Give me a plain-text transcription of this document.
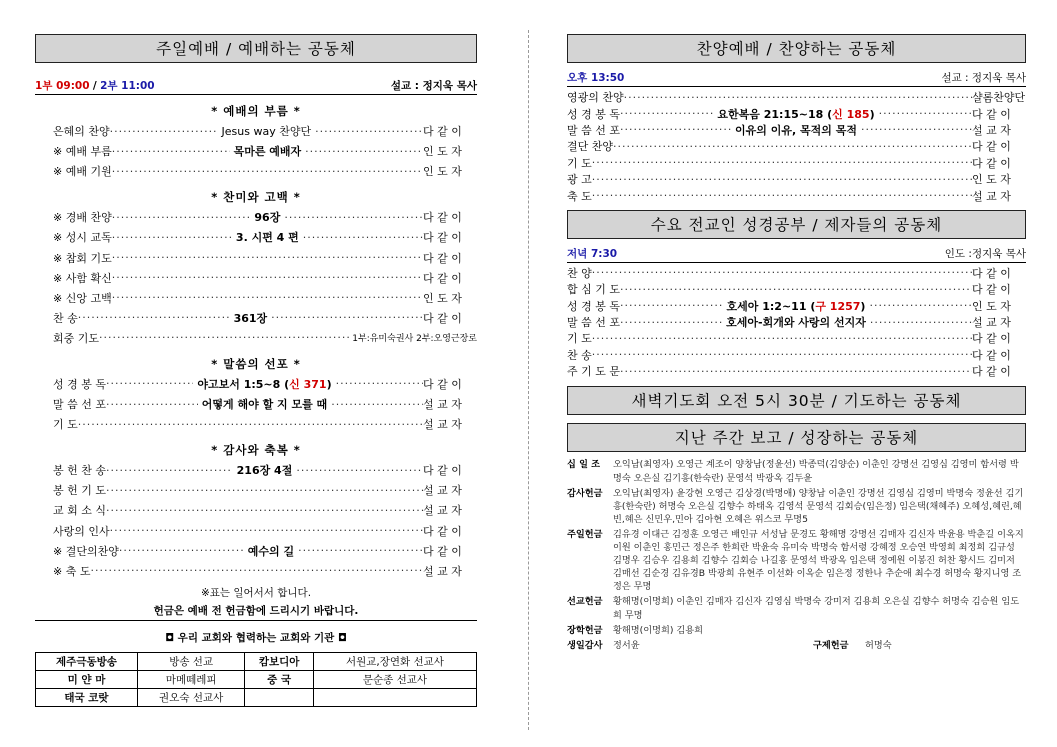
주일예배 / 예배하는 공동체
1부 09:00 / 2부 11:00	설교 : 정지욱 목사
* 예배의 부름 *
은혜의 찬양 ·····	Jesus way 찬양단 ·····	다 같 이
※ 예배 부름 ·····	목마른 예배자 ·····	인 도 자
※ 예배 기원 ·····	인 도 자
* 찬미와 고백 *
※ 경배 찬양 ·····	96장 ·····	다 같 이
※ 성시 교독 ·····	3. 시편 4 편 ·····	다 같 이
※ 참회 기도 ·····	다 같 이
※ 사함 확신 ·····	다 같 이
※ 신앙 고백 ·····	인 도 자
찬 송 ·····	361장 ·····	다 같 이
회중 기도 ·····	1부:유미숙권사 2부:오영근장로
* 말씀의 선포 *
성 경 봉 독 ·····	야고보서 1:5~8 (신 371) ·····	다 같 이
말 씀 선 포 ·····	어떻게 해야 할 지 모를 때 ·····	설 교 자
기 도 ·····	설 교 자
* 감사와 축복 *
봉 헌 찬 송 ·····	216장 4절 ·····	다 같 이
봉 헌 기 도 ·····	설 교 자
교 회 소 식 ·····	설 교 자
사랑의 인사 ·····	다 같 이
※ 결단의찬양 ·····	예수의 길 ·····	다 같 이
※ 축 도 ·····	설 교 자
※표는 일어서서 합니다.
헌금은 예배 전 헌금함에 드리시기 바랍니다.
◘ 우리 교회와 협력하는 교회와 기관 ◘
제주극동방송	방송 선교	캄보디아	서원교,장연화 선교사
미 얀 마	마메떼레피	중 국	문순종 선교사
태국 코랏	권오숙 선교사		
찬양예배 / 찬양하는 공동체
오후 13:50	설교 : 정지욱 목사
영광의 찬양 ·····	샬롬찬양단
성 경 봉 독 ·····	요한복음 21:15~18 (신 185) ·····	다 같 이
말 씀 선 포 ·····	이유의 이유, 목적의 목적 ·····	설 교 자
결단 찬양 ·····	다 같 이
기 도 ·····	다 같 이
광 고 ·····	인 도 자
축 도 ·····	설 교 자
수요 전교인 성경공부 / 제자들의 공동체
저녁 7:30	인도 :정지욱 목사
찬 양 ·····	다 같 이
합 심 기 도 ·····	다 같 이
성 경 봉 독 ·····	호세아 1:2~11 (구 1257) ·····	인 도 자
말 씀 선 포 ·····	호세아-회개와 사랑의 선지자 ·····	설 교 자
기 도 ·····	다 같 이
찬 송 ·····	다 같 이
주 기 도 문 ·····	다 같 이
새벽기도회 오전 5시 30분 / 기도하는 공동체
지난 주간 보고 / 성장하는 공동체
십 일 조	오익남(최영자) 오영근 계조이 양창남(정윤선) 박종덕(김양순) 이춘인 강명선 김영심 김영미 함서령 박명숙 오은실 김기흥(한숙란) 문영석 박광옥 김두윤
감사헌금	오익남(최영자) 윤강현 오영근 김상경(박명애) 양창남 이춘인 강명선 김영심 김영미 박명숙 정윤선 김기흥(한숙란) 허명숙 오은실 김향수 하태옥 김영석 문영석 김회승(임은정) 임은택(채혜주) 오혜성,혜린,혜빈,혜은 신민우,민아 김아현 오혜은 위스코 무명5
주일헌금	김유경 이대근 김정훈 오영근 배인규 서성남 문경도 황해명 강명선 김매자 김신자 박윤용 박춘길 이옥지 이원 이춘인 홍민근 정은주 한희란 박윤숙 유미숙 박명숙 함서령 강혜정 오승연 박영희 최정희 김규성 김명우 김승우 김용희 김향수 김회승 나길홍 문영석 박광옥 임은택 정예원 이봉진 허찬 황시드 김미저 김매선 김순경 김유경B 박광희 유현주 이선화 이옥순 임은정 정한나 추순애 최수경 허명숙 황지니영 조정은 무명
선교헌금	황해명(이명희) 이춘인 김매자 김신자 김영심 박명숙 강미저 김용희 오은실 김향수 허명숙 김승원 임도희 무명
장학헌금	황해명(이명희) 김용희
생일감사	정서윤	구제헌금	허명숙
